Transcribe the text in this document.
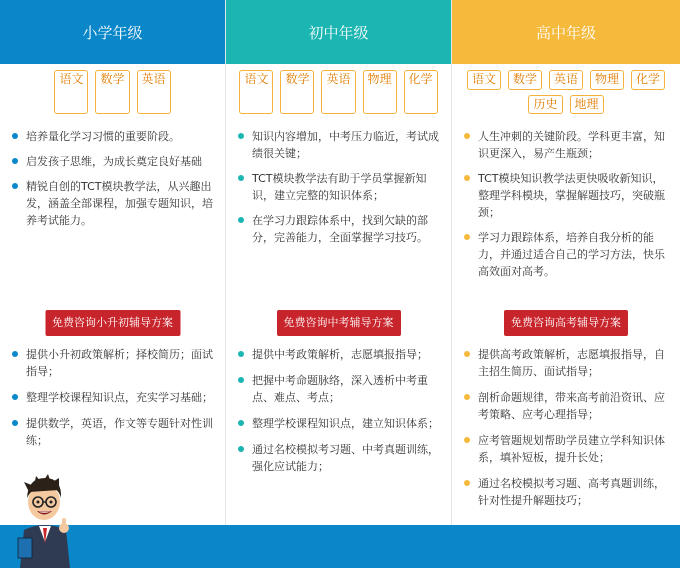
小学年级
语文	数学	英语
培养量化学习习惯的重要阶段。
启发孩子思维，为成长奠定良好基础
精锐自创的TCT模块教学法，从兴趣出发，涵盖全部课程，加强专题知识，培养考试能力。
免费咨询小升初辅导方案
提供小升初政策解析；择校简历；面试指导；
整理学校课程知识点，充实学习基础；
提供数学，英语，作文等专题针对性训练；
初中年级
语文	数学	英语	物理	化学
知识内容增加，中考压力临近，考试成绩很关键；
TCT模块教学法有助于学员掌握新知识，建立完整的知识体系；
在学习力跟踪体系中，找到欠缺的部分，完善能力，全面掌握学习技巧。
免费咨询中考辅导方案
提供中考政策解析，志愿填报指导；
把握中考命题脉络，深入透析中考重点、难点、考点；
整理学校课程知识点，建立知识体系；
通过名校模拟考习题、中考真题训练，强化应试能力；
高中年级
语文	数学	英语	物理	化学
历史	地理
人生冲刺的关键阶段。学科更丰富，知识更深入，易产生瓶颈；
TCT模块知识教学法更快吸收新知识，整理学科模块，掌握解题技巧，突破瓶颈；
学习力跟踪体系，培养自我分析的能力，并通过适合自己的学习方法，快乐高效面对高考。
免费咨询高考辅导方案
提供高考政策解析，志愿填报指导，自主招生简历、面试指导；
剖析命题规律，带来高考前沿资讯、应考策略、应考心理指导；
应考管题规划帮助学员建立学科知识体系，填补短板，提升长处；
通过名校模拟考习题、高考真题训练，针对性提升解题技巧；
